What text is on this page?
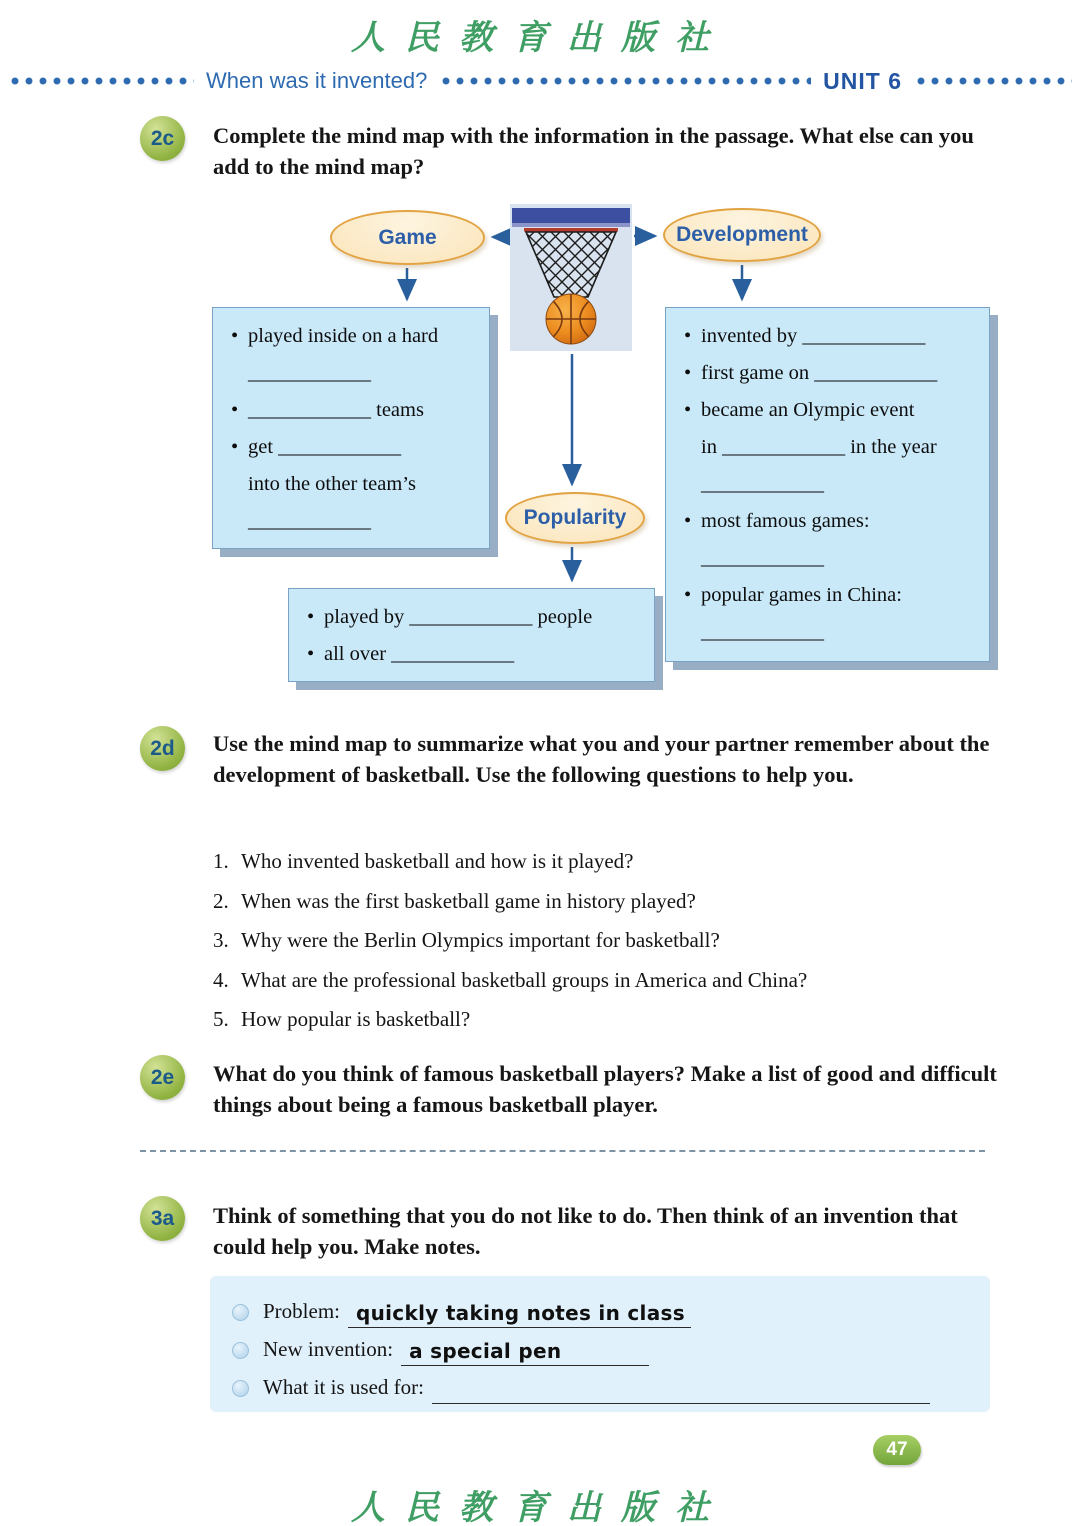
人民教育出版社
When was it invented?	UNIT 6
2c	Complete the mind map with the information in the passage. What else can you add to the mind map?
Game	Development
Popularity
• played inside on a hard
____________
• ____________ teams
• get ____________
into the other team’s
____________
• invented by ____________
• first game on ____________
• became an Olympic event
in ____________ in the year
____________
• most famous games:
____________
• popular games in China:
____________
• played by ____________ people
• all over ____________
2d	Use the mind map to summarize what you and your partner remember about the development of basketball. Use the following questions to help you.
1. Who invented basketball and how is it played?
2. When was the first basketball game in history played?
3. Why were the Berlin Olympics important for basketball?
4. What are the professional basketball groups in America and China?
5. How popular is basketball?
2e	What do you think of famous basketball players? Make a list of good and difficult things about being a famous basketball player.
3a	Think of something that you do not like to do. Then think of an invention that could help you. Make notes.
Problem: quickly taking notes in class
New invention: a special pen
What it is used for:
47
人民教育出版社
